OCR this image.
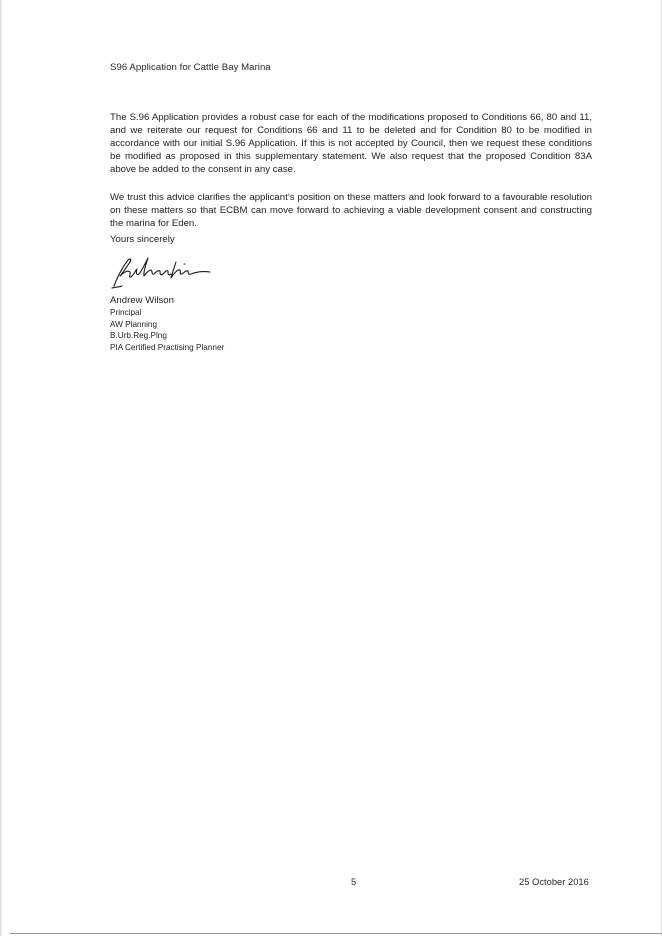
S96 Application for Cattle Bay Marina

The S.96 Application provides a robust case for each of the modifications proposed to Conditions 66, 80 and 11, and we reiterate our request for Conditions 66 and 11 to be deleted and for Condition 80 to be modified in accordance with our initial S.96 Application. If this is not accepted by Council, then we request these conditions be modified as proposed in this supplementary statement. We also request that the proposed Condition 83A above be added to the consent in any case.

We trust this advice clarifies the applicant’s position on these matters and look forward to a favourable resolution on these matters so that ECBM can move forward to achieving a viable development consent and constructing the marina for Eden.

Yours sincerely
Andrew Wilson
Principal
AW Planning
B.Urb.Reg.Plng
PIA Certified Practising Planner
5	25 October 2016
